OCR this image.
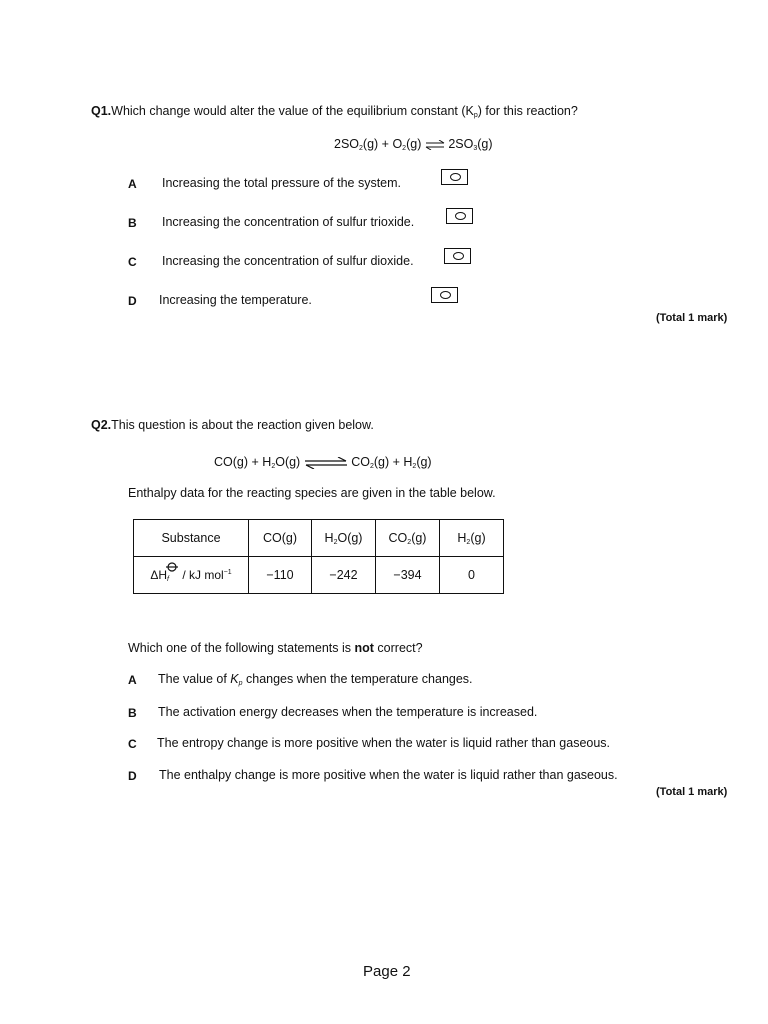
Q1.Which change would alter the value of the equilibrium constant $(K_p)$ for this reaction?
$2SO_2(g) + O_2(g)$ ⇌ $2SO_3(g)$
A Increasing the total pressure of the system.
B Increasing the concentration of sulfur trioxide.
C Increasing the concentration of sulfur dioxide.
D Increasing the temperature.
(Total 1 mark)
Q2.This question is about the reaction given below.
$CO(g) + H_2O(g)$ ⇌ $CO_2(g) + H_2(g)$
Enthalpy data for the reacting species are given in the table below.
Substance	CO(g)	$H_2O(g)$	$CO_2(g)$	$H_2(g)$

$\Delta H_f$ / kJ mol$^{-1}$	−110	−242	−394	0
Which one of the following statements is not correct?
A The value of $K_p$ changes when the temperature changes.
B The activation energy decreases when the temperature is increased.
C The entropy change is more positive when the water is liquid rather than gaseous.
D The enthalpy change is more positive when the water is liquid rather than gaseous.
(Total 1 mark)
Page 2
